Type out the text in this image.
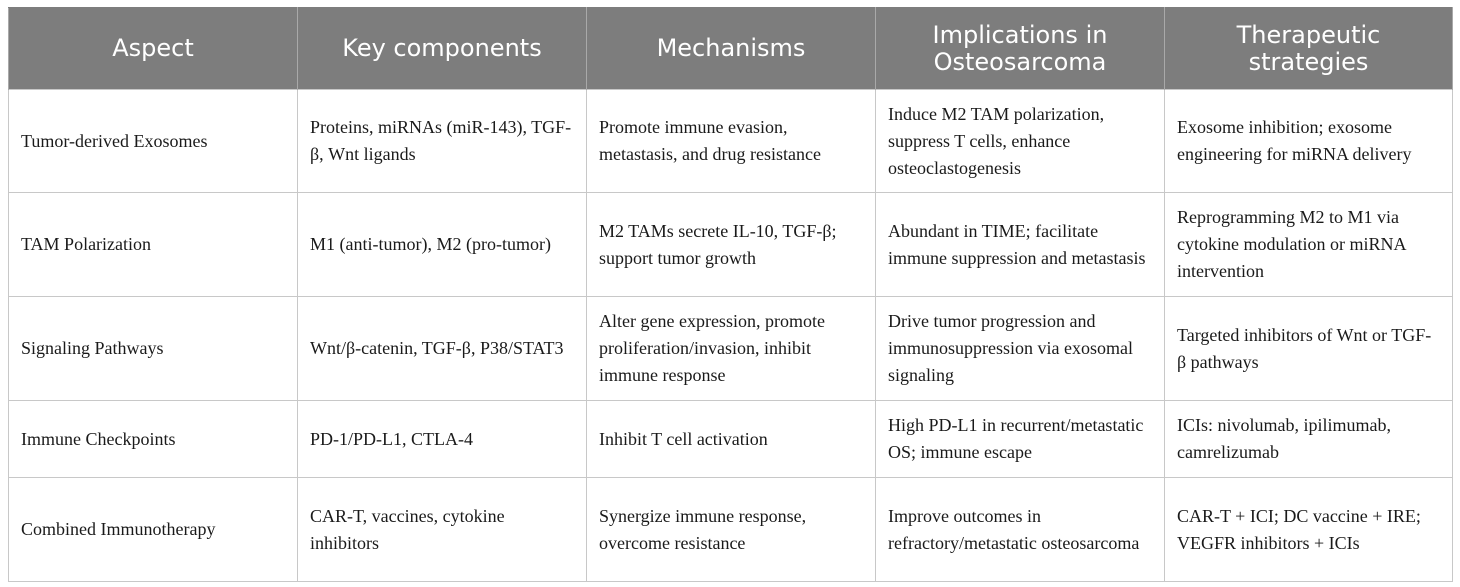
Aspect	Key components	Mechanisms	Implications in Osteosarcoma	Therapeutic strategies
Tumor-derived Exosomes	Proteins, miRNAs (miR-143), TGF-β, Wnt ligands	Promote immune evasion, metastasis, and drug resistance	Induce M2 TAM polarization, suppress T cells, enhance osteoclastogenesis	Exosome inhibition; exosome engineering for miRNA delivery
TAM Polarization	M1 (anti-tumor), M2 (pro-tumor)	M2 TAMs secrete IL-10, TGF-β; support tumor growth	Abundant in TIME; facilitate immune suppression and metastasis	Reprogramming M2 to M1 via cytokine modulation or miRNA intervention
Signaling Pathways	Wnt/β-catenin, TGF-β, P38/STAT3	Alter gene expression, promote proliferation/invasion, inhibit immune response	Drive tumor progression and immunosuppression via exosomal signaling	Targeted inhibitors of Wnt or TGF-β pathways
Immune Checkpoints	PD-1/PD-L1, CTLA-4	Inhibit T cell activation	High PD-L1 in recurrent/metastatic OS; immune escape	ICIs: nivolumab, ipilimumab, camrelizumab
Combined Immunotherapy	CAR-T, vaccines, cytokine inhibitors	Synergize immune response, overcome resistance	Improve outcomes in refractory/metastatic osteosarcoma	CAR-T + ICI; DC vaccine + IRE; VEGFR inhibitors + ICIs
